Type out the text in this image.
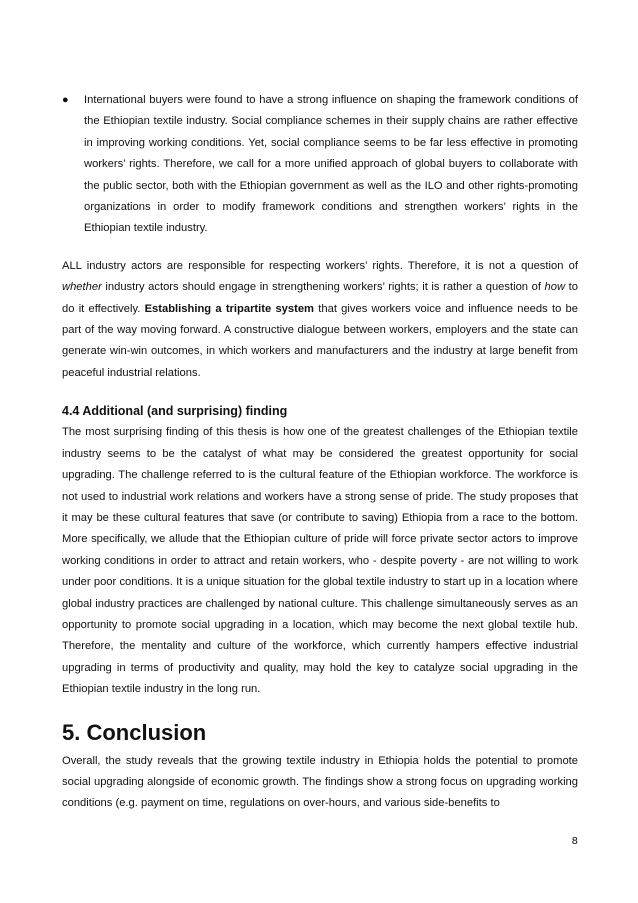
●	International buyers were found to have a strong influence on shaping the framework conditions of the Ethiopian textile industry. Social compliance schemes in their supply chains are rather effective in improving working conditions. Yet, social compliance seems to be far less effective in promoting workers’ rights. Therefore, we call for a more unified approach of global buyers to collaborate with the public sector, both with the Ethiopian government as well as the ILO and other rights-promoting organizations in order to modify framework conditions and strengthen workers’ rights in the Ethiopian textile industry.

ALL industry actors are responsible for respecting workers’ rights. Therefore, it is not a question of whether industry actors should engage in strengthening workers’ rights; it is rather a question of how to do it effectively. Establishing a tripartite system that gives workers voice and influence needs to be part of the way moving forward. A constructive dialogue between workers, employers and the state can generate win-win outcomes, in which workers and manufacturers and the industry at large benefit from peaceful industrial relations.

4.4 Additional (and surprising) finding

The most surprising finding of this thesis is how one of the greatest challenges of the Ethiopian textile industry seems to be the catalyst of what may be considered the greatest opportunity for social upgrading. The challenge referred to is the cultural feature of the Ethiopian workforce. The workforce is not used to industrial work relations and workers have a strong sense of pride. The study proposes that it may be these cultural features that save (or contribute to saving) Ethiopia from a race to the bottom. More specifically, we allude that the Ethiopian culture of pride will force private sector actors to improve working conditions in order to attract and retain workers, who - despite poverty - are not willing to work under poor conditions. It is a unique situation for the global textile industry to start up in a location where global industry practices are challenged by national culture. This challenge simultaneously serves as an opportunity to promote social upgrading in a location, which may become the next global textile hub. Therefore, the mentality and culture of the workforce, which currently hampers effective industrial upgrading in terms of productivity and quality, may hold the key to catalyze social upgrading in the Ethiopian textile industry in the long run.

5. Conclusion

Overall, the study reveals that the growing textile industry in Ethiopia holds the potential to promote social upgrading alongside of economic growth. The findings show a strong focus on upgrading working conditions (e.g. payment on time, regulations on over-hours, and various side-benefits to

8
